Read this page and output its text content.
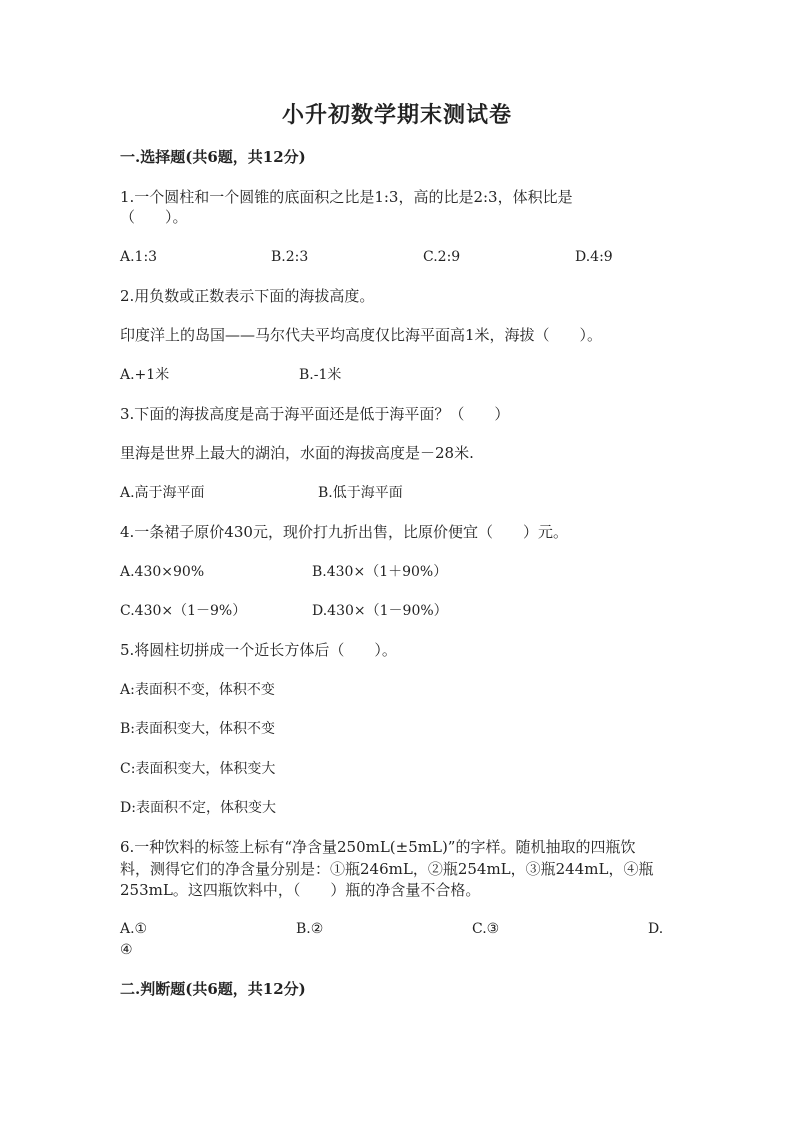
小升初数学期末测试卷
一.选择题(共6题，共12分)
1.一个圆柱和一个圆锥的底面积之比是1:3，高的比是2:3，体积比是
（　　）。
A.1:3	B.2:3	C.2:9	D.4:9
2.用负数或正数表示下面的海拔高度。
印度洋上的岛国——马尔代夫平均高度仅比海平面高1米，海拔（　　）。
A.+1米	B.-1米
3.下面的海拔高度是高于海平面还是低于海平面？（　　）
里海是世界上最大的湖泊，水面的海拔高度是－28米.
A.高于海平面	B.低于海平面
4.一条裙子原价430元，现价打九折出售，比原价便宜（　　）元。
A.430×90%	B.430×（1＋90%）
C.430×（1－9%）	D.430×（1－90%）
5.将圆柱切拼成一个近长方体后（　　）。
A:表面积不变，体积不变
B:表面积变大，体积不变
C:表面积变大，体积变大
D:表面积不定，体积变大
6.一种饮料的标签上标有“净含量250mL(±5mL)”的字样。随机抽取的四瓶饮
料，测得它们的净含量分别是：①瓶246mL，②瓶254mL，③瓶244mL，④瓶
253mL。这四瓶饮料中，（　　）瓶的净含量不合格。
A.①	B.②	C.③	D.
④
二.判断题(共6题，共12分)
